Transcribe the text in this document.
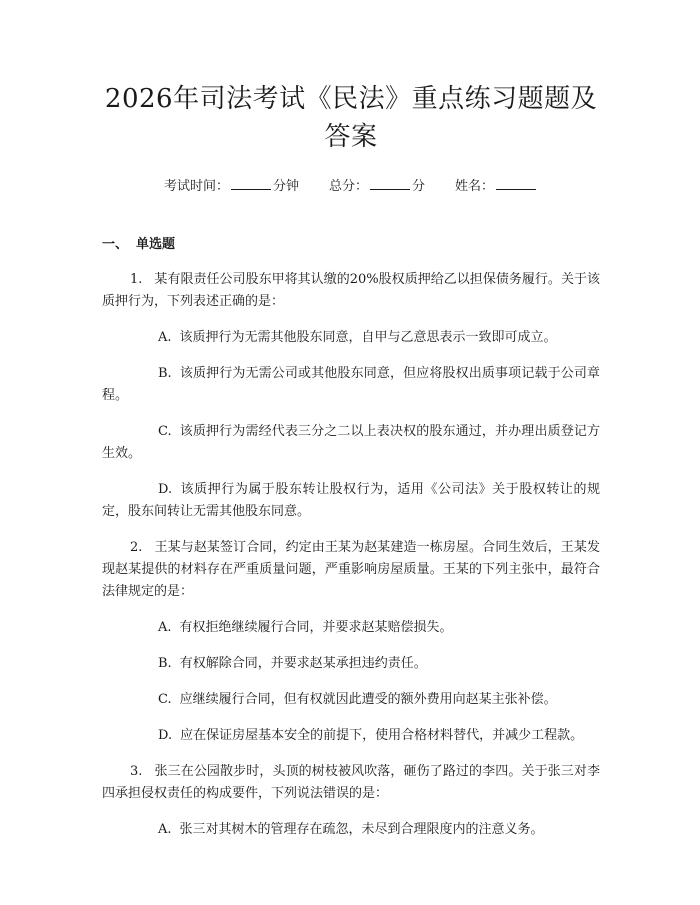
2026年司法考试《民法》重点练习题题及答案
考试时间：	分钟 总分：	分 姓名：
一、 单选题
1. 某有限责任公司股东甲将其认缴的20%股权质押给乙以担保债务履行。关于该质押行为，下列表述正确的是：
A. 该质押行为无需其他股东同意，自甲与乙意思表示一致即可成立。
B. 该质押行为无需公司或其他股东同意，但应将股权出质事项记载于公司章程。
C. 该质押行为需经代表三分之二以上表决权的股东通过，并办理出质登记方生效。
D. 该质押行为属于股东转让股权行为，适用《公司法》关于股权转让的规定，股东间转让无需其他股东同意。
2. 王某与赵某签订合同，约定由王某为赵某建造一栋房屋。合同生效后，王某发现赵某提供的材料存在严重质量问题，严重影响房屋质量。王某的下列主张中，最符合法律规定的是：
A. 有权拒绝继续履行合同，并要求赵某赔偿损失。
B. 有权解除合同，并要求赵某承担违约责任。
C. 应继续履行合同，但有权就因此遭受的额外费用向赵某主张补偿。
D. 应在保证房屋基本安全的前提下，使用合格材料替代，并减少工程款。
3. 张三在公园散步时，头顶的树枝被风吹落，砸伤了路过的李四。关于张三对李四承担侵权责任的构成要件，下列说法错误的是：
A. 张三对其树木的管理存在疏忽，未尽到合理限度内的注意义务。
